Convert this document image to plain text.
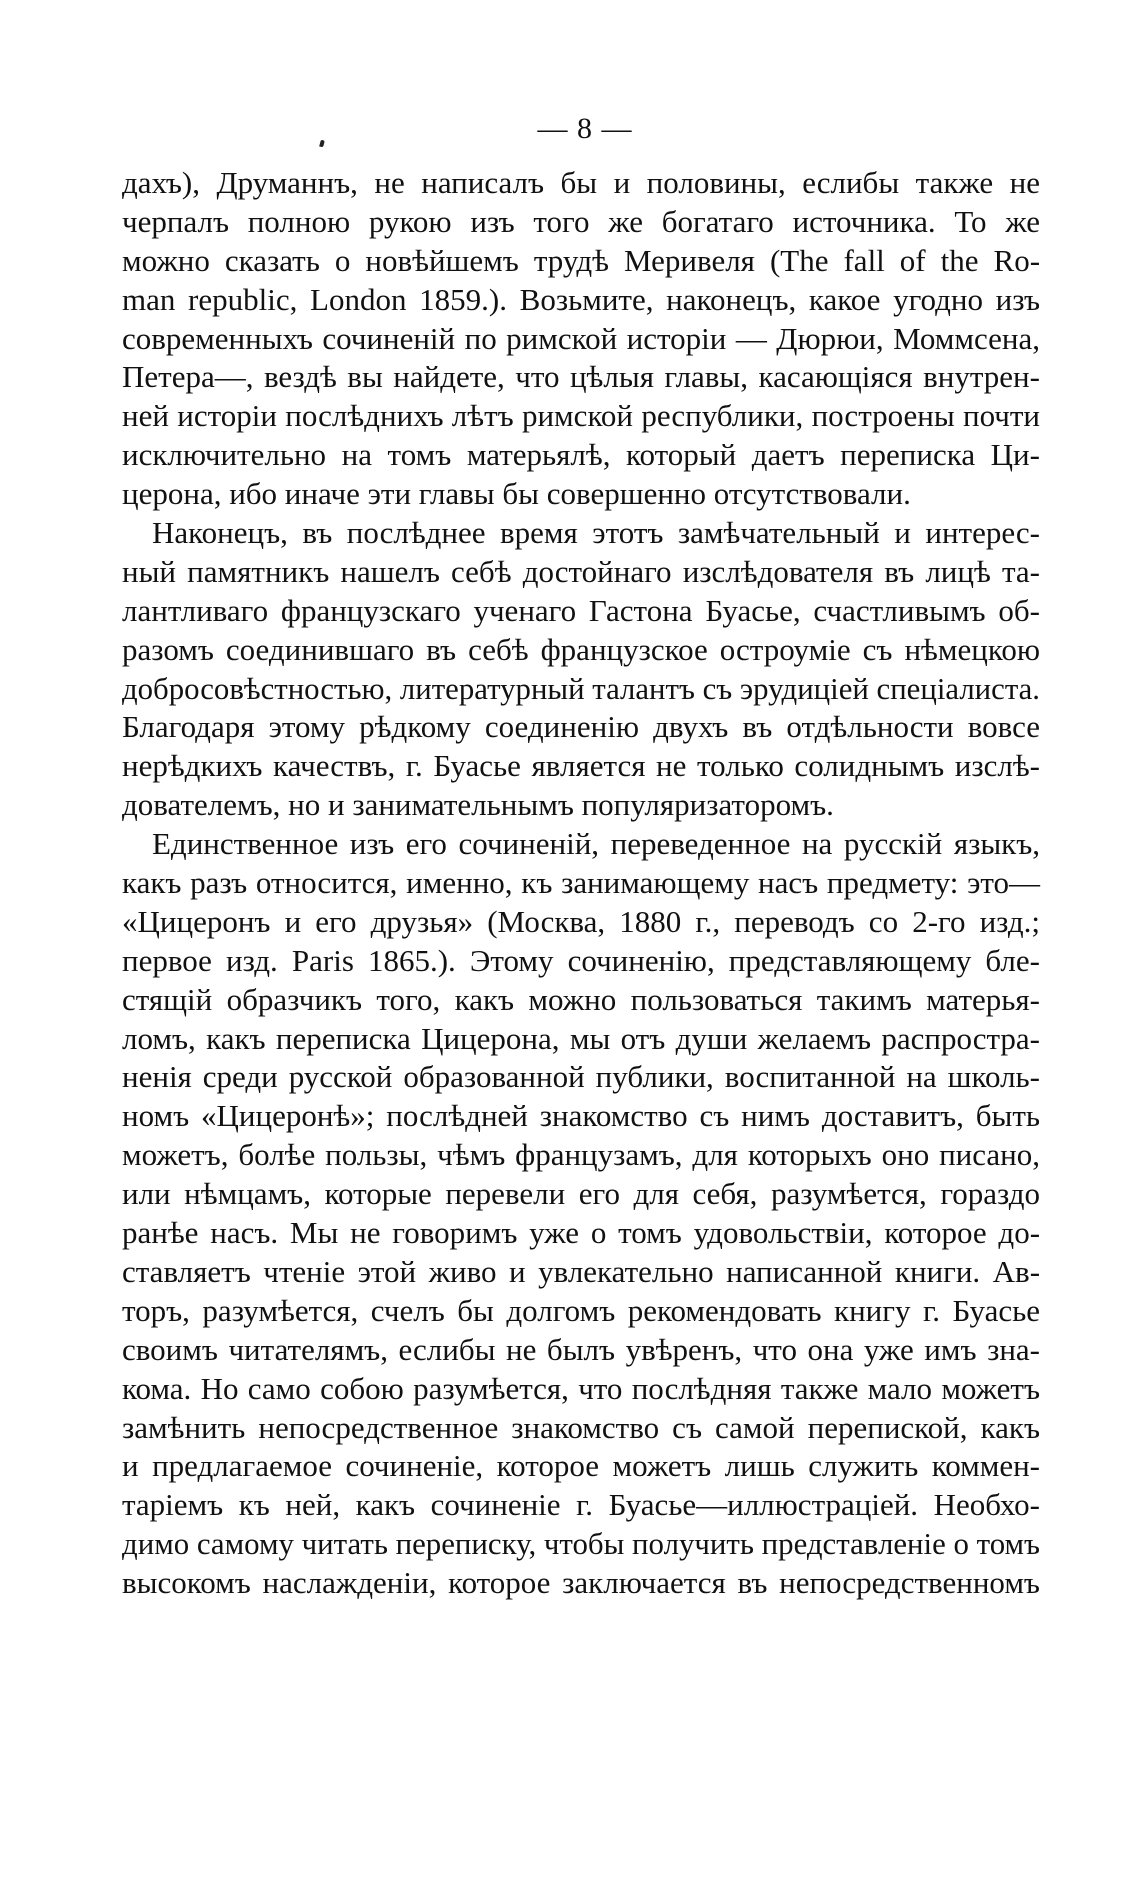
— 8 —
дахъ), Друманнъ, не написалъ бы и половины, еслибы также не
черпалъ полною рукою изъ того же богатаго источника. То же
можно сказать о новѣйшемъ трудѣ Меривеля (The fall of the Ro-
man republic, London 1859.). Возьмите, наконецъ, какое угодно изъ
современныхъ сочиненій по римской исторіи — Дюрюи, Моммсена,
Петера—, вездѣ вы найдете, что цѣлыя главы, касающіяся внутрен-
ней исторіи послѣднихъ лѣтъ римской республики, построены почти
исключительно на томъ матерьялѣ, который даетъ переписка Ци-
церона, ибо иначе эти главы бы совершенно отсутствовали.
Наконецъ, въ послѣднее время этотъ замѣчательный и интерес-
ный памятникъ нашелъ себѣ достойнаго изслѣдователя въ лицѣ та-
лантливаго французскаго ученаго Гастона Буасье, счастливымъ об-
разомъ соединившаго въ себѣ французское остроуміе съ нѣмецкою
добросовѣстностью, литературный талантъ съ эрудиціей спеціалиста.
Благодаря этому рѣдкому соединенію двухъ въ отдѣльности вовсе
нерѣдкихъ качествъ, г. Буасье является не только солиднымъ изслѣ-
дователемъ, но и занимательнымъ популяризаторомъ.
Единственное изъ его сочиненій, переведенное на русскій языкъ,
какъ разъ относится, именно, къ занимающему насъ предмету: это—
«Цицеронъ и его друзья» (Москва, 1880 г., переводъ со 2-го изд.;
первое изд. Paris 1865.). Этому сочиненію, представляющему бле-
стящій образчикъ того, какъ можно пользоваться такимъ матерья-
ломъ, какъ переписка Цицерона, мы отъ души желаемъ распростра-
ненія среди русской образованной публики, воспитанной на школь-
номъ «Цицеронѣ»; послѣдней знакомство съ нимъ доставитъ, быть
можетъ, болѣе пользы, чѣмъ французамъ, для которыхъ оно писано,
или нѣмцамъ, которые перевели его для себя, разумѣется, гораздо
ранѣе насъ. Мы не говоримъ уже о томъ удовольствіи, которое до-
ставляетъ чтеніе этой живо и увлекательно написанной книги. Ав-
торъ, разумѣется, счелъ бы долгомъ рекомендовать книгу г. Буасье
своимъ читателямъ, еслибы не былъ увѣренъ, что она уже имъ зна-
кома. Но само собою разумѣется, что послѣдняя также мало можетъ
замѣнить непосредственное знакомство съ самой перепиской, какъ
и предлагаемое сочиненіе, которое можетъ лишь служить коммен-
таріемъ къ ней, какъ сочиненіе г. Буасье—иллюстраціей. Необхо-
димо самому читать переписку, чтобы получить представленіе о томъ
высокомъ наслажденіи, которое заключается въ непосредственномъ
